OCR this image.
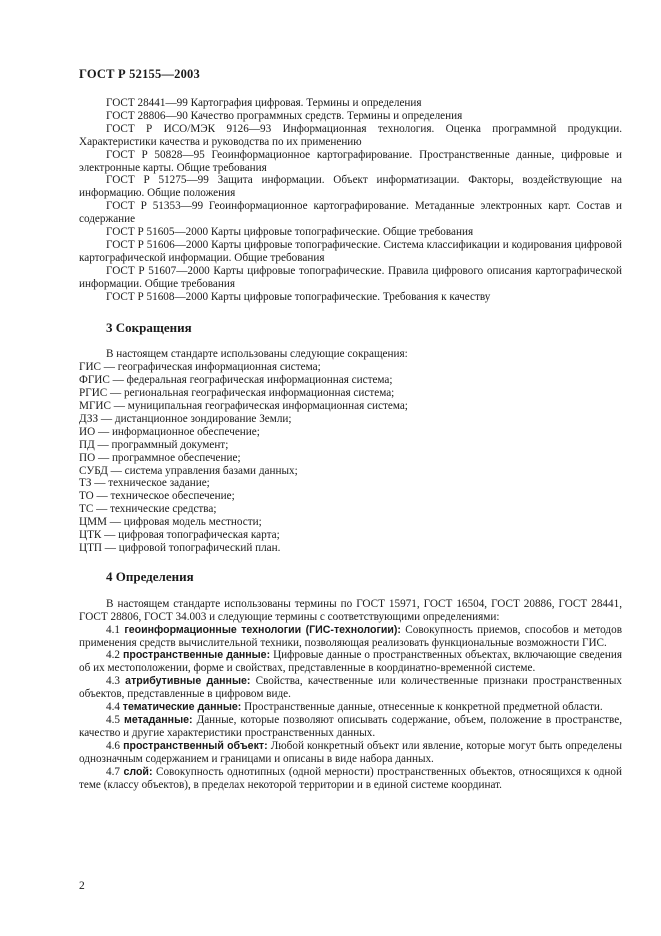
ГОСТ Р 52155—2003

ГОСТ 28441—99 Картография цифровая. Термины и определения

ГОСТ 28806—90 Качество программных средств. Термины и определения

ГОСТ Р ИСО/МЭК 9126—93 Информационная технология. Оценка программной продукции. Характеристики качества и руководства по их применению

ГОСТ Р 50828—95 Геоинформационное картографирование. Пространственные данные, цифровые и электронные карты. Общие требования

ГОСТ Р 51275—99 Защита информации. Объект информатизации. Факторы, воздействующие на информацию. Общие положения

ГОСТ Р 51353—99 Геоинформационное картографирование. Метаданные электронных карт. Состав и содержание

ГОСТ Р 51605—2000 Карты цифровые топографические. Общие требования

ГОСТ Р 51606—2000 Карты цифровые топографические. Система классификации и кодирования цифровой картографической информации. Общие требования

ГОСТ Р 51607—2000 Карты цифровые топографические. Правила цифрового описания картографической информации. Общие требования

ГОСТ Р 51608—2000 Карты цифровые топографические. Требования к качеству

3 Сокращения

В настоящем стандарте использованы следующие сокращения:

ГИС — географическая информационная система;

ФГИС — федеральная географическая информационная система;

РГИС — региональная географическая информационная система;

МГИС — муниципальная географическая информационная система;

ДЗЗ — дистанционное зондирование Земли;

ИО — информационное обеспечение;

ПД — программный документ;

ПО — программное обеспечение;

СУБД — система управления базами данных;

ТЗ — техническое задание;

ТО — техническое обеспечение;

ТС — технические средства;

ЦММ — цифровая модель местности;

ЦТК — цифровая топографическая карта;

ЦТП — цифровой топографический план.

4 Определения

В настоящем стандарте использованы термины по ГОСТ 15971, ГОСТ 16504, ГОСТ 20886, ГОСТ 28441, ГОСТ 28806, ГОСТ 34.003 и следующие термины с соответствующими определениями:

4.1 геоинформационные технологии (ГИС-технологии): Совокупность приемов, способов и методов применения средств вычислительной техники, позволяющая реализовать функциональные возможности ГИС.

4.2 пространственные данные: Цифровые данные о пространственных объектах, включающие сведения об их местоположении, форме и свойствах, представленные в координатно-временно́й системе.

4.3 атрибутивные данные: Свойства, качественные или количественные признаки пространственных объектов, представленные в цифровом виде.

4.4 тематические данные: Пространственные данные, отнесенные к конкретной предметной области.

4.5 метаданные: Данные, которые позволяют описывать содержание, объем, положение в пространстве, качество и другие характеристики пространственных данных.

4.6 пространственный объект: Любой конкретный объект или явление, которые могут быть определены однозначным содержанием и границами и описаны в виде набора данных.

4.7 слой: Совокупность однотипных (одной мерности) пространственных объектов, относящихся к одной теме (классу объектов), в пределах некоторой территории и в единой системе координат.

2
